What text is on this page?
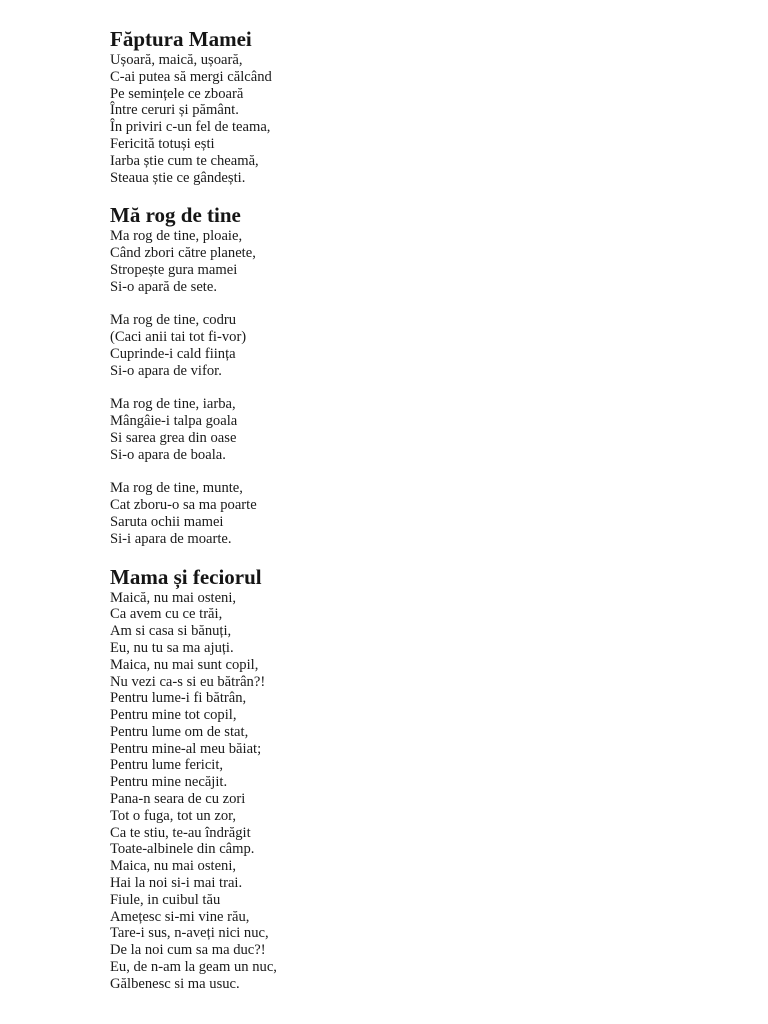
Făptura Mamei

Ușoară, maică, ușoară,

C-ai putea să mergi călcând

Pe semințele ce zboară

Între ceruri și pământ.

În priviri c-un fel de teama,

Fericită totuși ești

Iarba știe cum te cheamă,

Steaua știe ce gândești.

Mă rog de tine

Ma rog de tine, ploaie,

Când zbori către planete,

Stropește gura mamei

Si-o apară de sete.

Ma rog de tine, codru

(Caci anii tai tot fi-vor)

Cuprinde-i cald ființa

Si-o apara de vifor.

Ma rog de tine, iarba,

Mângâie-i talpa goala

Si sarea grea din oase

Si-o apara de boala.

Ma rog de tine, munte,

Cat zboru-o sa ma poarte

Saruta ochii mamei

Si-i apara de moarte.

Mama și feciorul

Maică, nu mai osteni,

Ca avem cu ce trăi,

Am si casa si bănuți,

Eu, nu tu sa ma ajuți.

Maica, nu mai sunt copil,

Nu vezi ca-s si eu bătrân?!

Pentru lume-i fi bătrân,

Pentru mine tot copil,

Pentru lume om de stat,

Pentru mine-al meu băiat;

Pentru lume fericit,

Pentru mine necăjit.

Pana-n seara de cu zori

Tot o fuga, tot un zor,

Ca te stiu, te-au îndrăgit

Toate-albinele din câmp.

Maica, nu mai osteni,

Hai la noi si-i mai trai.

Fiule, in cuibul tău

Amețesc si-mi vine rău,

Tare-i sus, n-aveți nici nuc,

De la noi cum sa ma duc?!

Eu, de n-am la geam un nuc,

Gălbenesc si ma usuc.
